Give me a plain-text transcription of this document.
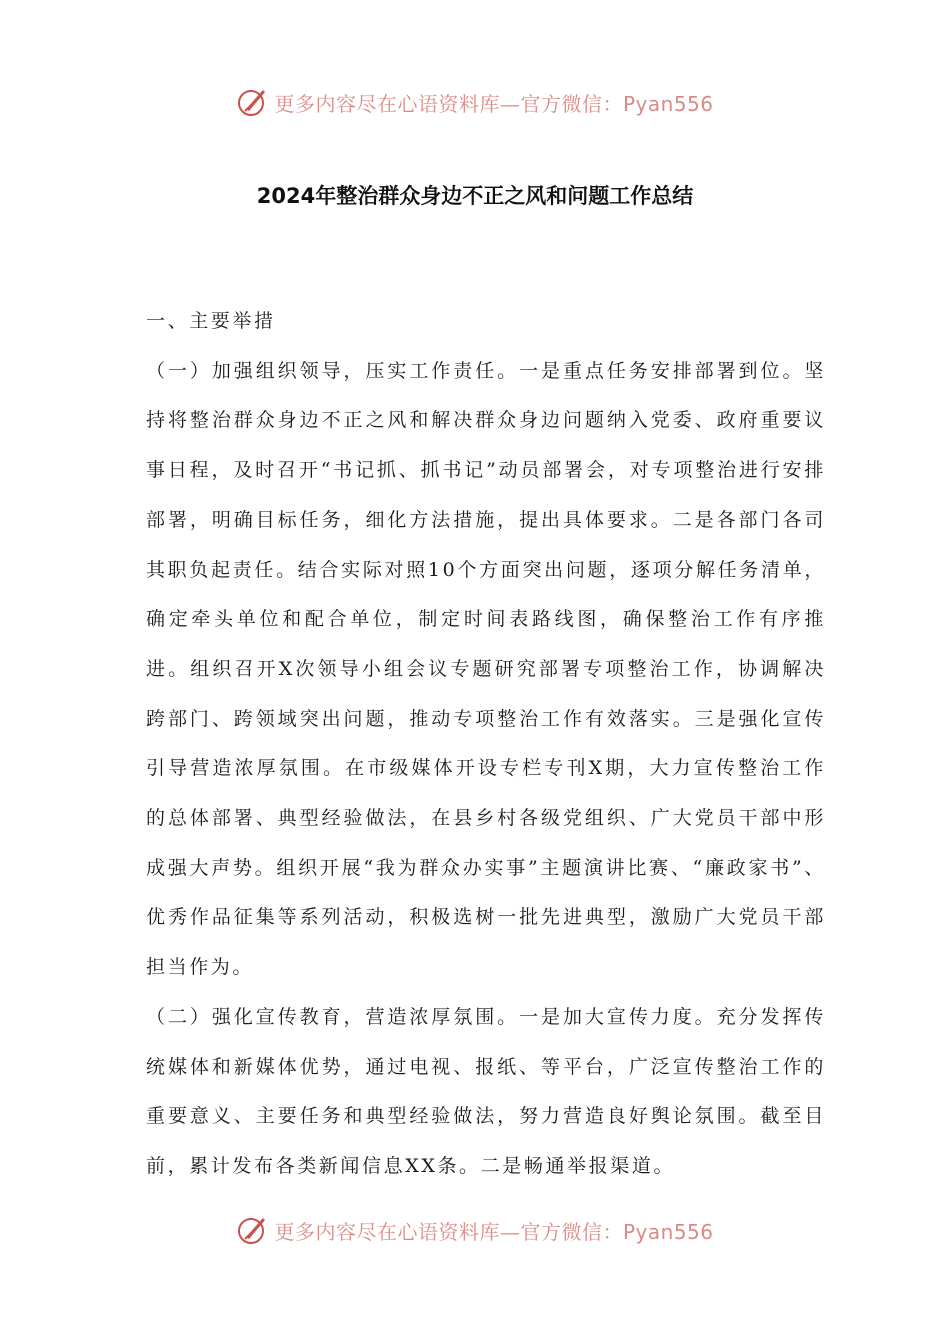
更多内容尽在心语资料库—官方微信：Pyan556
2024年整治群众身边不正之风和问题工作总结

一、主要举措

（一）加强组织领导，压实工作责任。一是重点任务安排部署到位。坚持将整治群众身边不正之风和解决群众身边问题纳入党委、政府重要议事日程，及时召开“书记抓、抓书记”动员部署会，对专项整治进行安排部署，明确目标任务，细化方法措施，提出具体要求。二是各部门各司其职负起责任。结合实际对照10个方面突出问题，逐项分解任务清单，确定牵头单位和配合单位，制定时间表路线图，确保整治工作有序推进。组织召开X次领导小组会议专题研究部署专项整治工作，协调解决跨部门、跨领域突出问题，推动专项整治工作有效落实。三是强化宣传引导营造浓厚氛围。在市级媒体开设专栏专刊X期，大力宣传整治工作的总体部署、典型经验做法，在县乡村各级党组织、广大党员干部中形成强大声势。组织开展“我为群众办实事”主题演讲比赛、“廉政家书”、优秀作品征集等系列活动，积极选树一批先进典型，激励广大党员干部担当作为。

（二）强化宣传教育，营造浓厚氛围。一是加大宣传力度。充分发挥传统媒体和新媒体优势，通过电视、报纸、等平台，广泛宣传整治工作的重要意义、主要任务和典型经验做法，努力营造良好舆论氛围。截至目前，累计发布各类新闻信息XX条。二是畅通举报渠道。

更多内容尽在心语资料库—官方微信：Pyan556
